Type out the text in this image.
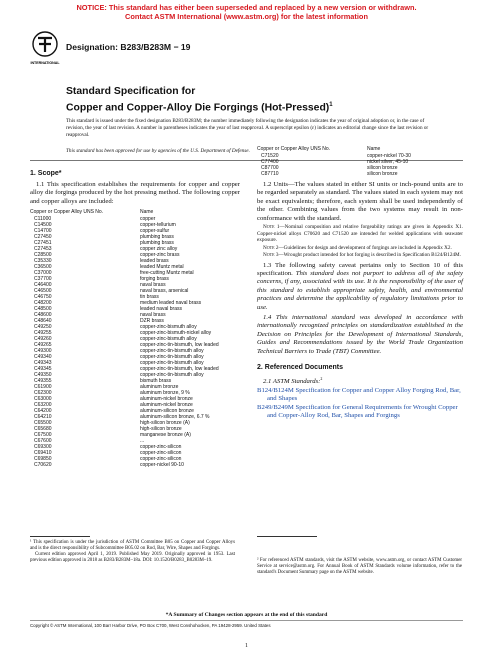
NOTICE: This standard has either been superseded and replaced by a new version or withdrawn.
Contact ASTM International (www.astm.org) for the latest information
INTERNATIONAL
Designation: B283/B283M − 19
Standard Specification for
Copper and Copper-Alloy Die Forgings (Hot-Pressed)$^1$
This standard is issued under the fixed designation B283/B283M; the number immediately following the designation indicates the year of original adoption or, in the case of revision, the year of last revision. A number in parentheses indicates the year of last reapproval. A superscript epsilon (ε) indicates an editorial change since the last revision or reapproval.
This standard has been approved for use by agencies of the U.S. Department of Defense.
1. Scope*
1.1 This specification establishes the requirements for copper and copper alloy die forgings produced by the hot pressing method. The following copper and copper alloys are included:
Copper or Copper Alloy UNS No.	Name
C11000	copper
C14500	copper-tellurium
C14700	copper-sulfur
C27450	plumbing brass
C27451	plumbing brass
C27453	copper zinc alloy
C28500	copper-zinc brass
C35330	leaded brass
C36500	leaded Muntz metal
C37000	free-cutting Muntz metal
C37700	forging brass
C46400	naval brass
C46500	naval brass, arsenical
C46750	tin brass
C48200	medium leaded naval brass
C48500	leaded naval brass
C48600	naval brass
C48640	DZR brass
C49250	copper-zinc-bismuth alloy
C49255	copper-zinc-bismuth-nickel alloy
C49260	copper-zinc-bismuth alloy
C49265	copper-zinc-tin-bismuth, low leaded
C49300	copper-zinc-tin-bismuth alloy
C49340	copper-zinc-tin-bismuth alloy
C49343	copper-zinc-tin-bismuth alloy
C49345	copper-zinc-tin-bismuth, low leaded
C49350	copper-zinc-tin-bismuth alloy
C49355	bismuth brass
C61900	aluminum bronze
C62300	aluminum bronze, 9 %
C63000	aluminum-nickel bronze
C63200	aluminum-nickel bronze
C64200	aluminum-silicon bronze
C64210	aluminum-silicon bronze, 6.7 %
C65500	high-silicon bronze (A)
C65680	high-silicon bronze
C67500	manganese bronze (A)
C67600	...
C69300	copper-zinc-silicon
C69410	copper-zinc-silicon
C69850	copper-zinc-silicon
C70620	copper-nickel 90-10
Copper or Copper Alloy UNS No.	Name
C71520	copper-nickel 70-30
C77400	nickel silver, 45-10
C87700	silicon bronze
C87710	silicon bronze
1.2 Units—The values stated in either SI units or inch-pound units are to be regarded separately as standard. The values stated in each system may not be exact equivalents; therefore, each system shall be used independently of the other. Combining values from the two systems may result in non-conformance with the standard.
Note 1—Nominal composition and relative forgeability ratings are given in Appendix X1. Copper-nickel alloys C70620 and C71520 are intended for welded applications with seawater exposure.
Note 2—Guidelines for design and development of forgings are included in Appendix X2.
Note 3—Wrought product intended for hot forging is described in Specification B124/B124M.
1.3 The following safety caveat pertains only to Section 10 of this specification. This standard does not purport to address all of the safety concerns, if any, associated with its use. It is the responsibility of the user of this standard to establish appropriate safety, health, and environmental practices and determine the applicability of regulatory limitations prior to use.
1.4 This international standard was developed in accordance with internationally recognized principles on standardization established in the Decision on Principles for the Development of International Standards, Guides and Recommendations issued by the World Trade Organization Technical Barriers to Trade (TBT) Committee.
2. Referenced Documents
2.1 ASTM Standards:$^2$
B124/B124M Specification for Copper and Copper Alloy Forging Rod, Bar, and Shapes
B249/B249M Specification for General Requirements for Wrought Copper and Copper-Alloy Rod, Bar, Shapes and Forgings
¹ This specification is under the jurisdiction of ASTM Committee B05 on Copper and Copper Alloys and is the direct responsibility of Subcommittee B05.02 on Rod, Bar, Wire, Shapes and Forgings.
Current edition approved April 1, 2019. Published May 2019. Originally approved in 1953. Last previous edition approved in 2018 as B283/B283M–18a. DOI: 10.1520/B0283_B0283M–19.	² For referenced ASTM standards, visit the ASTM website, www.astm.org, or contact ASTM Customer Service at service@astm.org. For Annual Book of ASTM Standards volume information, refer to the standard's Document Summary page on the ASTM website.
*A Summary of Changes section appears at the end of this standard
Copyright © ASTM International, 100 Barr Harbor Drive, PO Box C700, West Conshohocken, PA 19428-2959. United States
1
